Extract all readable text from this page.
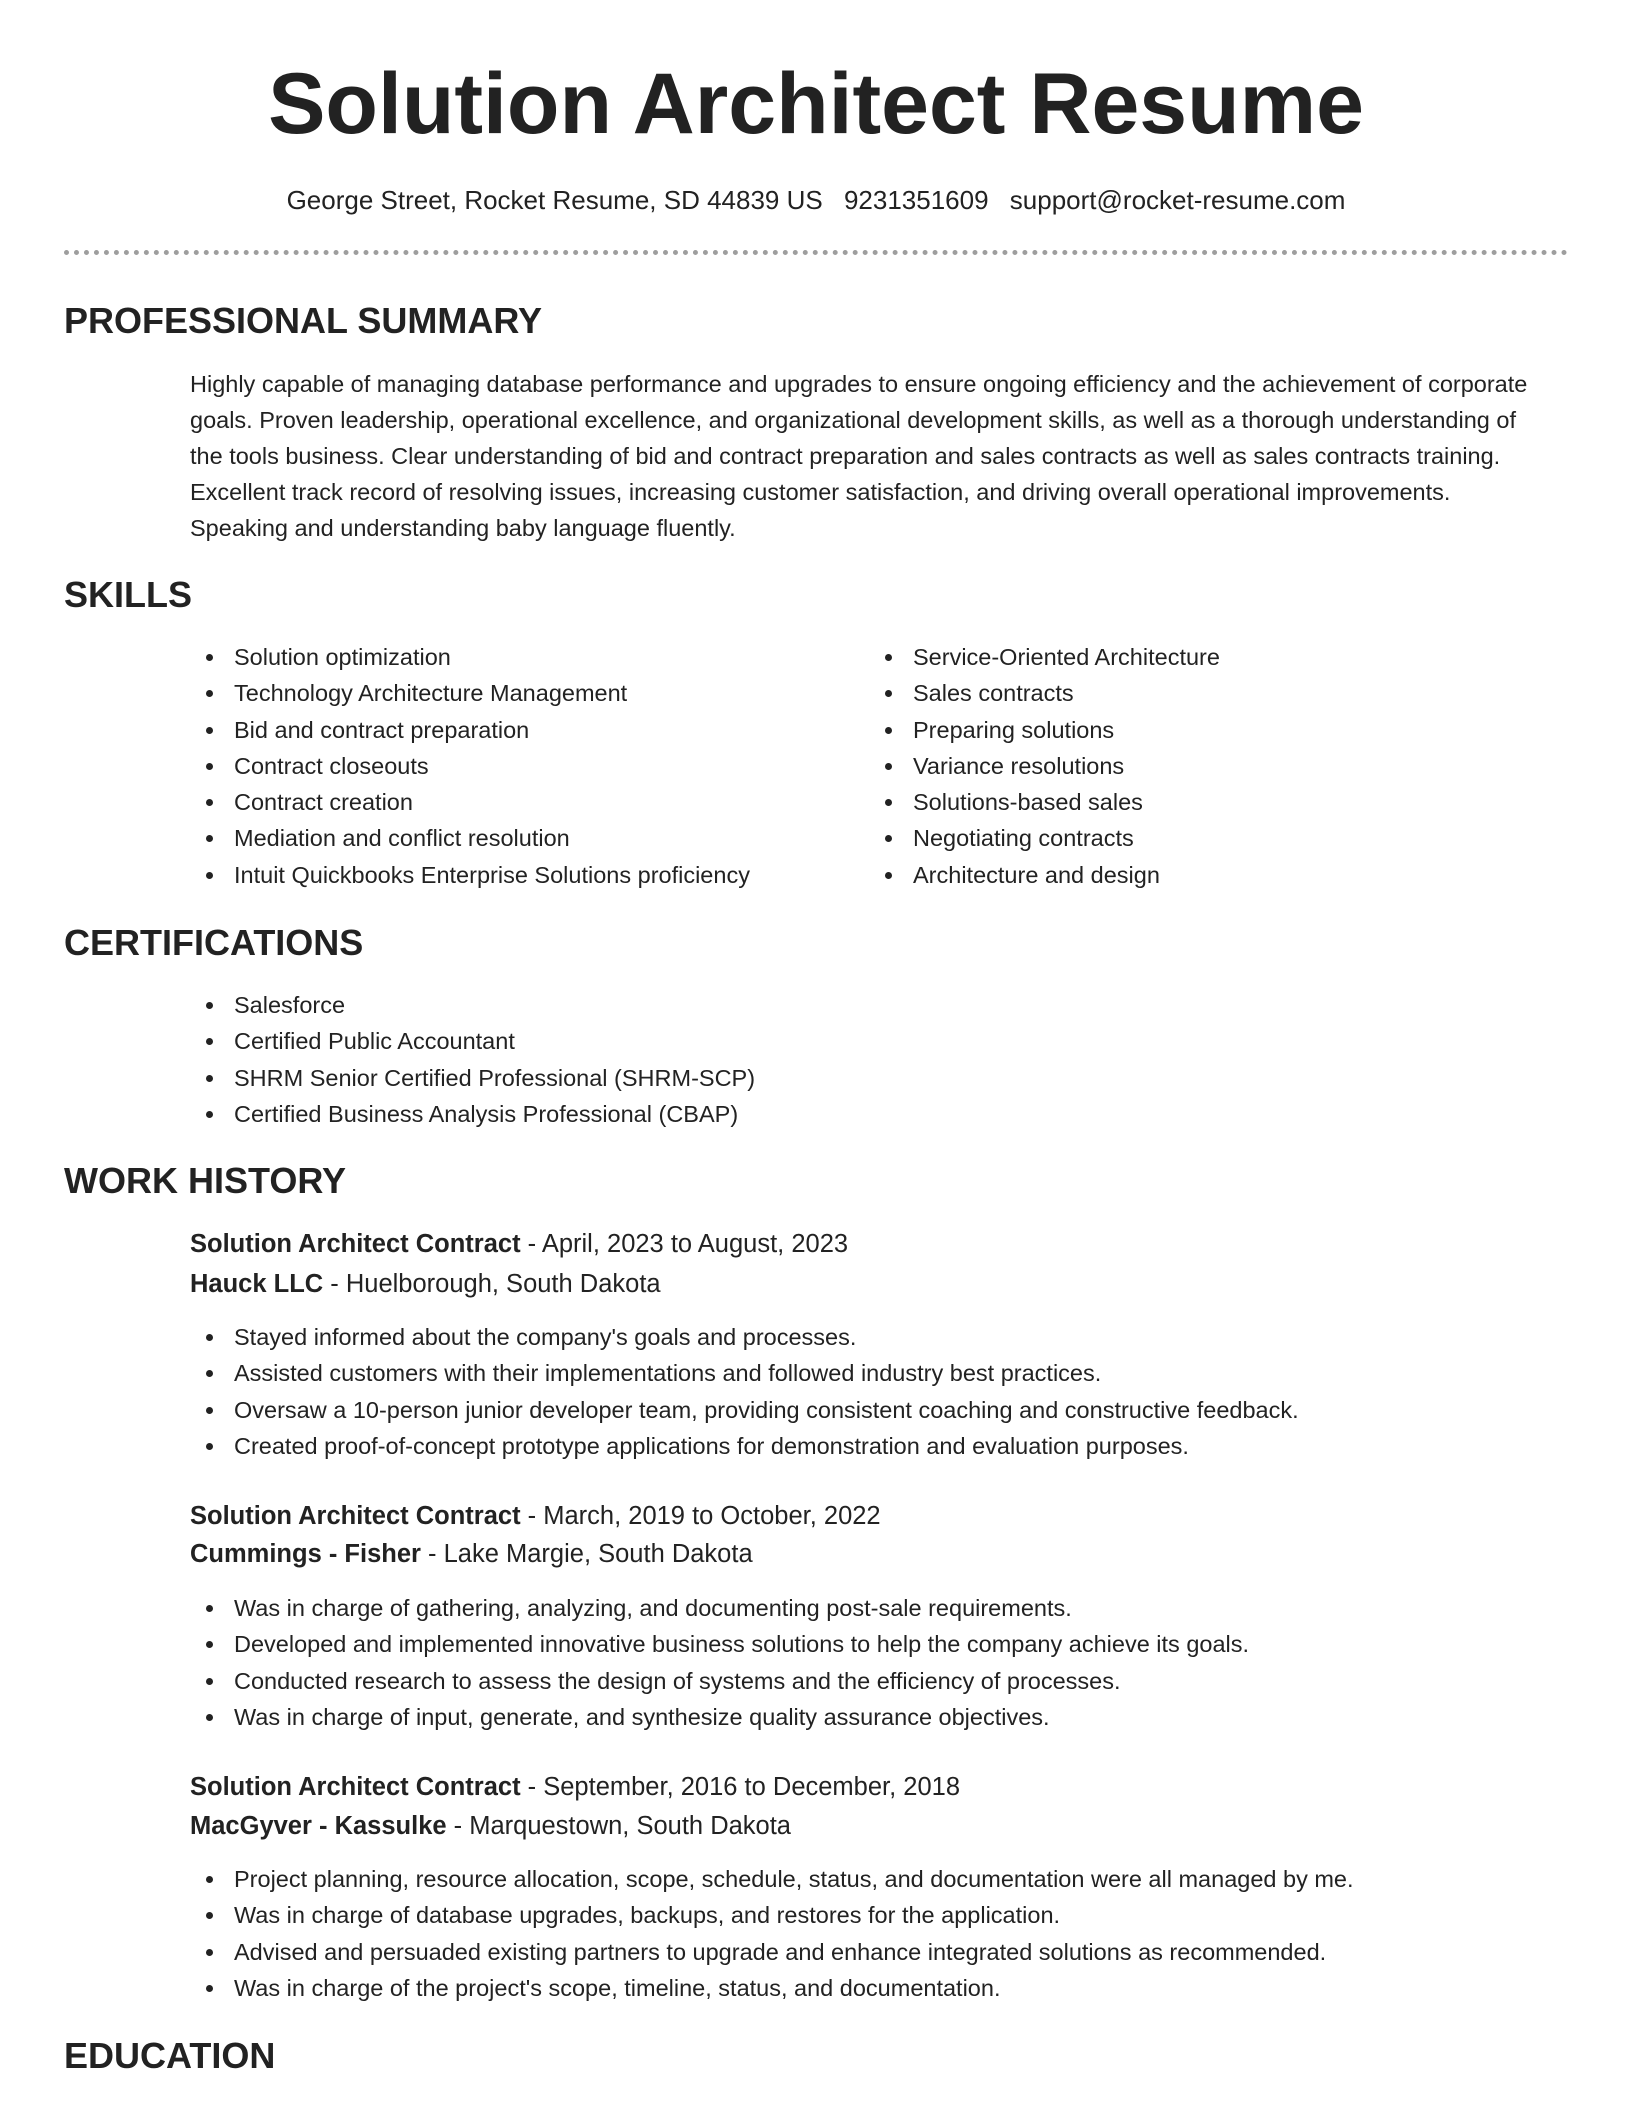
Solution Architect Resume
George Street, Rocket Resume, SD 44839 US 9231351609 support@rocket-resume.com
PROFESSIONAL SUMMARY

Highly capable of managing database performance and upgrades to ensure ongoing efficiency and the achievement of corporate goals. Proven leadership, operational excellence, and organizational development skills, as well as a thorough understanding of the tools business. Clear understanding of bid and contract preparation and sales contracts as well as sales contracts training. Excellent track record of resolving issues, increasing customer satisfaction, and driving overall operational improvements. Speaking and understanding baby language fluently.

SKILLS
Solution optimization
Technology Architecture Management
Bid and contract preparation
Contract closeouts
Contract creation
Mediation and conflict resolution
Intuit Quickbooks Enterprise Solutions proficiency
Service-Oriented Architecture
Sales contracts
Preparing solutions
Variance resolutions
Solutions-based sales
Negotiating contracts
Architecture and design
CERTIFICATIONS
Salesforce
Certified Public Accountant
SHRM Senior Certified Professional (SHRM-SCP)
Certified Business Analysis Professional (CBAP)
WORK HISTORY
Solution Architect Contract - April, 2023 to August, 2023
Hauck LLC - Huelborough, South Dakota
Stayed informed about the company's goals and processes.
Assisted customers with their implementations and followed industry best practices.
Oversaw a 10-person junior developer team, providing consistent coaching and constructive feedback.
Created proof-of-concept prototype applications for demonstration and evaluation purposes.
Solution Architect Contract - March, 2019 to October, 2022
Cummings - Fisher - Lake Margie, South Dakota
Was in charge of gathering, analyzing, and documenting post-sale requirements.
Developed and implemented innovative business solutions to help the company achieve its goals.
Conducted research to assess the design of systems and the efficiency of processes.
Was in charge of input, generate, and synthesize quality assurance objectives.
Solution Architect Contract - September, 2016 to December, 2018
MacGyver - Kassulke - Marquestown, South Dakota
Project planning, resource allocation, scope, schedule, status, and documentation were all managed by me.
Was in charge of database upgrades, backups, and restores for the application.
Advised and persuaded existing partners to upgrade and enhance integrated solutions as recommended.
Was in charge of the project's scope, timeline, status, and documentation.
EDUCATION
